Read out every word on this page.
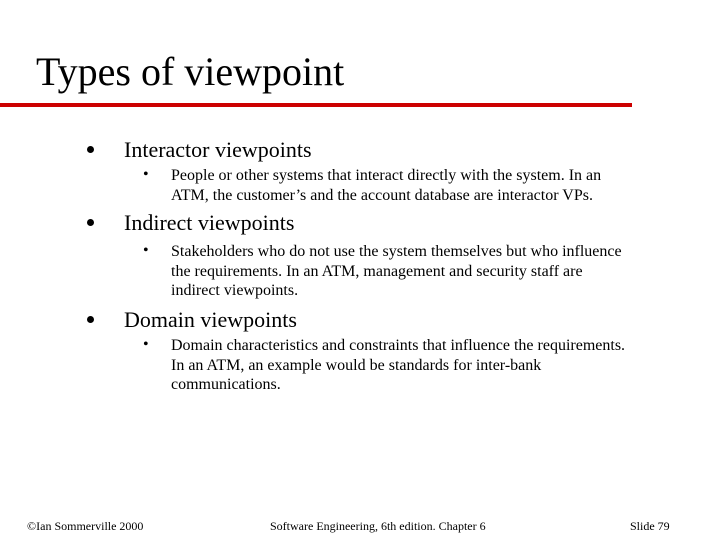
Types of viewpoint
Interactor viewpoints
• People or other systems that interact directly with the system. In an
ATM, the customer’s and the account database are interactor VPs.
Indirect viewpoints
• Stakeholders who do not use the system themselves but who influence
the requirements. In an ATM, management and security staff are
indirect viewpoints.
Domain viewpoints
• Domain characteristics and constraints that influence the requirements.
In an ATM, an example would be standards for inter-bank
communications.
©Ian Sommerville 2000	Software Engineering, 6th edition. Chapter 6	Slide 79
